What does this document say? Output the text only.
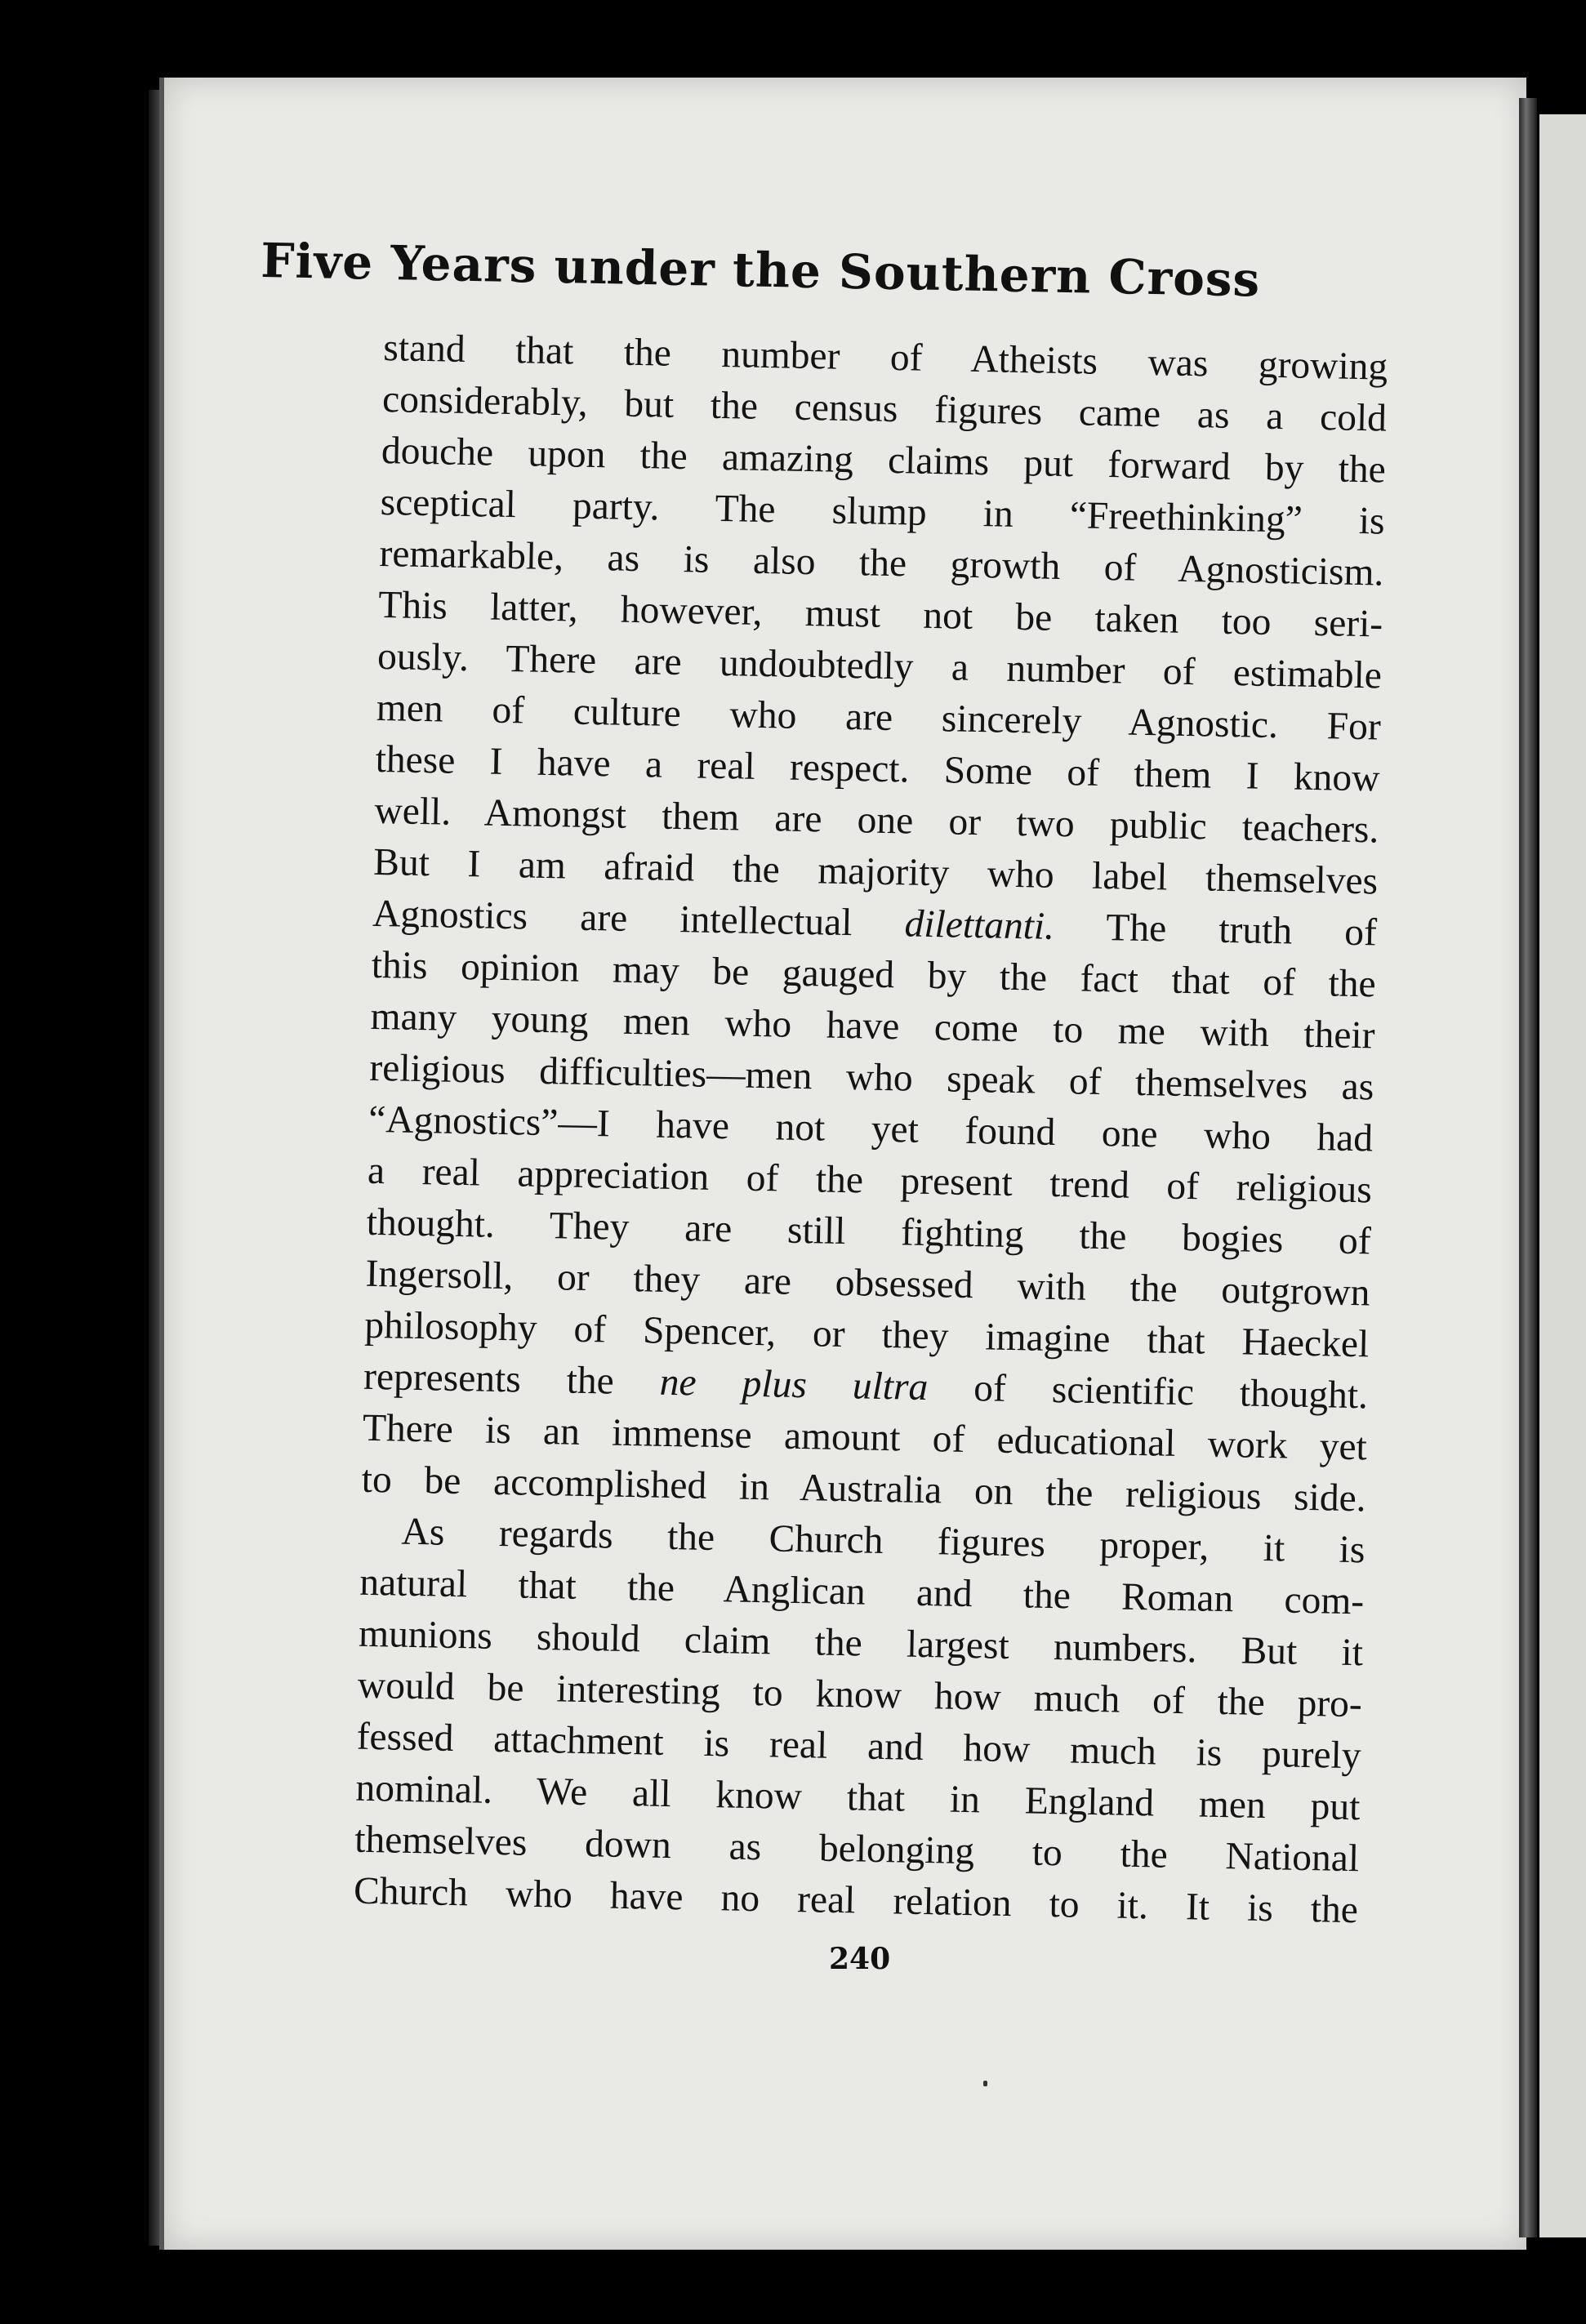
Five Years under the Southern Cross
stand that the number of Atheists was growing
considerably, but the census figures came as a cold
douche upon the amazing claims put forward by the
sceptical party. The slump in “Freethinking” is
remarkable, as is also the growth of Agnosticism.
This latter, however, must not be taken too seri-
ously. There are undoubtedly a number of estimable
men of culture who are sincerely Agnostic. For
these I have a real respect. Some of them I know
well. Amongst them are one or two public teachers.
But I am afraid the majority who label themselves
Agnostics are intellectual dilettanti. The truth of
this opinion may be gauged by the fact that of the
many young men who have come to me with their
religious difficulties—men who speak of themselves as
“Agnostics”—I have not yet found one who had
a real appreciation of the present trend of religious
thought. They are still fighting the bogies of
Ingersoll, or they are obsessed with the outgrown
philosophy of Spencer, or they imagine that Haeckel
represents the ne plus ultra of scientific thought.
There is an immense amount of educational work yet
to be accomplished in Australia on the religious side.
As regards the Church figures proper, it is
natural that the Anglican and the Roman com-
munions should claim the largest numbers. But it
would be interesting to know how much of the pro-
fessed attachment is real and how much is purely
nominal. We all know that in England men put
themselves down as belonging to the National
Church who have no real relation to it. It is the
240
